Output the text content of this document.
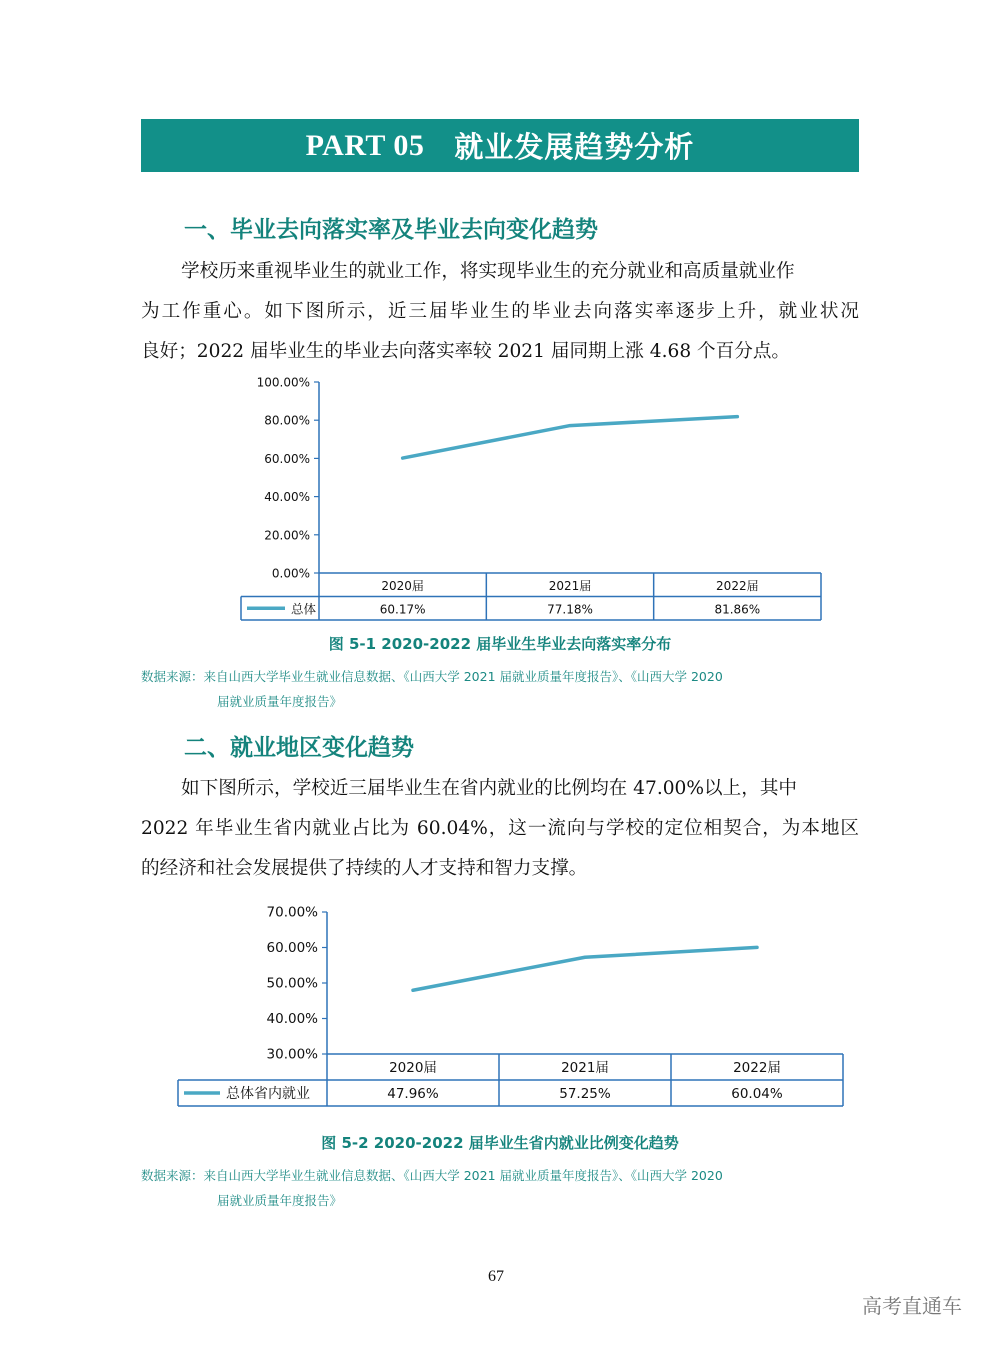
PART 05 就业发展趋势分析
一、毕业去向落实率及毕业去向变化趋势
学校历来重视毕业生的就业工作，将实现毕业生的充分就业和高质量就业作
为工作重心。如下图所示，近三届毕业生的毕业去向落实率逐步上升，就业状况
良好；2022 届毕业生的毕业去向落实率较 2021 届同期上涨 4.68 个百分点。
0.00%
20.00%
40.00%
60.00%
80.00%
100.00%
2020届
60.17%
2021届
77.18%
2022届
81.86%
总体
图 5-1 2020-2022 届毕业生毕业去向落实率分布
数据来源：来自山西大学毕业生就业信息数据、《山西大学 2021 届就业质量年度报告》、《山西大学 2020
届就业质量年度报告》
二、就业地区变化趋势
如下图所示，学校近三届毕业生在省内就业的比例均在 47.00%以上，其中
2022 年毕业生省内就业占比为 60.04%，这一流向与学校的定位相契合，为本地区
的经济和社会发展提供了持续的人才支持和智力支撑。
30.00%
40.00%
50.00%
60.00%
70.00%
2020届
47.96%
2021届
57.25%
2022届
60.04%
总体省内就业
图 5-2 2020-2022 届毕业生省内就业比例变化趋势
数据来源：来自山西大学毕业生就业信息数据、《山西大学 2021 届就业质量年度报告》、《山西大学 2020
届就业质量年度报告》
67
高考直通车
